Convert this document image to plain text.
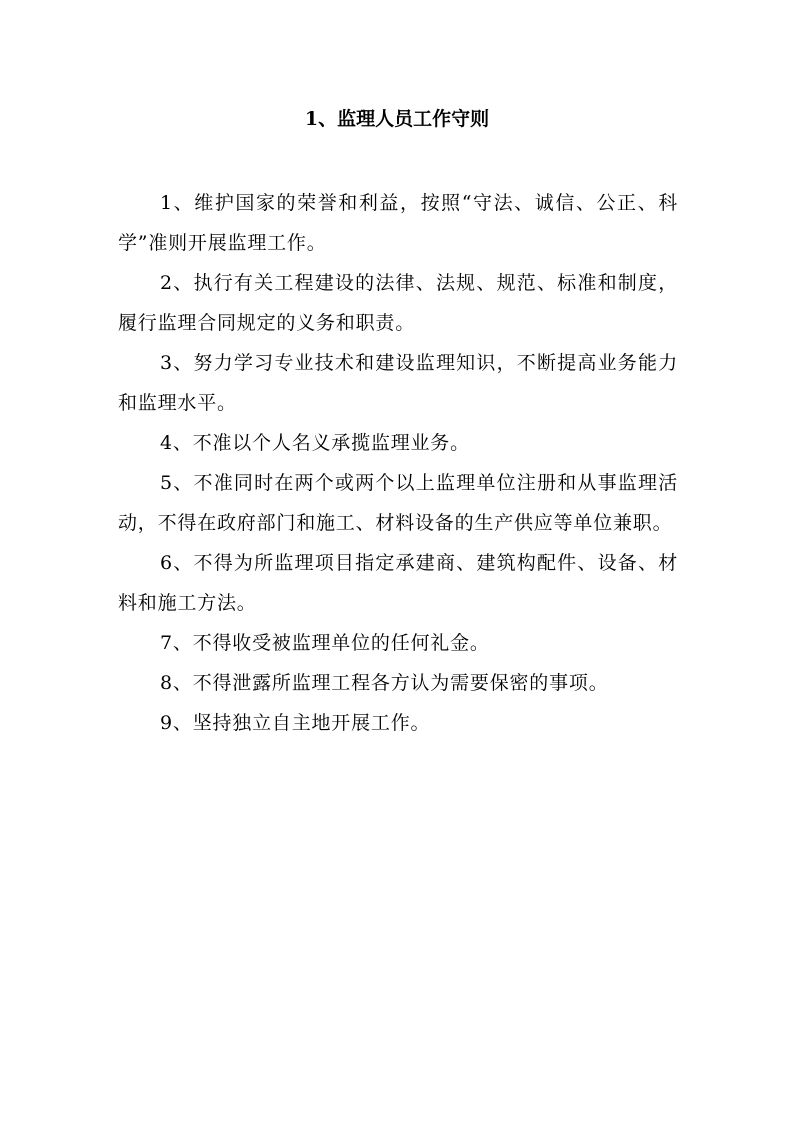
1、监理人员工作守则
1、维护国家的荣誉和利益，按照“守法、诚信、公正、科学”准则开展监理工作。
2、执行有关工程建设的法律、法规、规范、标准和制度，履行监理合同规定的义务和职责。
3、努力学习专业技术和建设监理知识，不断提高业务能力和监理水平。
4、不准以个人名义承揽监理业务。
5、不准同时在两个或两个以上监理单位注册和从事监理活动，不得在政府部门和施工、材料设备的生产供应等单位兼职。
6、不得为所监理项目指定承建商、建筑构配件、设备、材料和施工方法。
7、不得收受被监理单位的任何礼金。
8、不得泄露所监理工程各方认为需要保密的事项。
9、坚持独立自主地开展工作。
